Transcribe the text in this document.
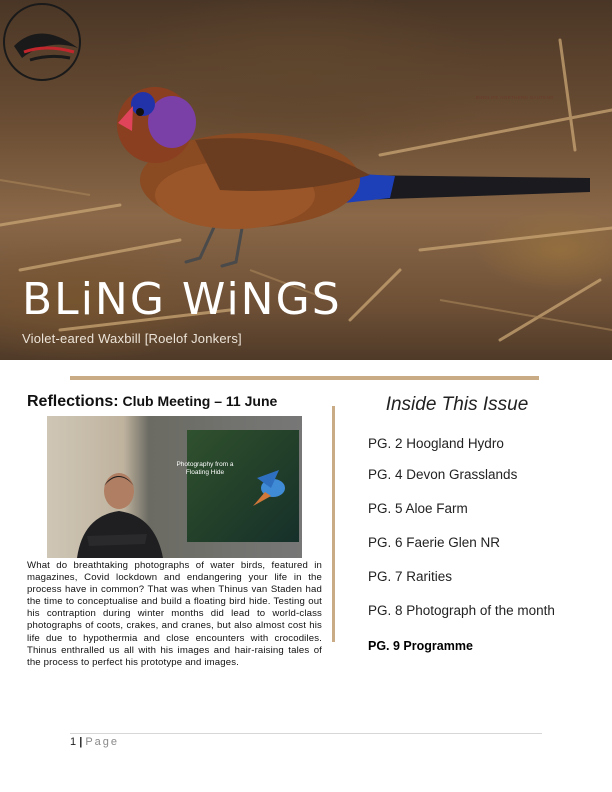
BIRDLIFE NORTHERN GAUTENG
BLiNG WiNGS
Violet-eared Waxbill [Roelof Jonkers]
Reflections: Club Meeting – 11 June
Photography from a Floating Hide

What do breathtaking photographs of water birds, featured in magazines, Covid lockdown and endangering your life in the process have in common? That was when Thinus van Staden had the time to conceptualise and build a floating bird hide. Testing out his contraption during winter months did lead to world-class photographs of coots, crakes, and cranes, but also almost cost his life due to hypothermia and close encounters with crocodiles. Thinus enthralled us all with his images and hair-raising tales of the process to perfect his prototype and images.

Inside This Issue
PG. 2 Hoogland Hydro
PG. 4 Devon Grasslands
PG. 5 Aloe Farm
PG. 6 Faerie Glen NR
PG. 7 Rarities
PG. 8 Photograph of the month
PG. 9 Programme
1 | Page
